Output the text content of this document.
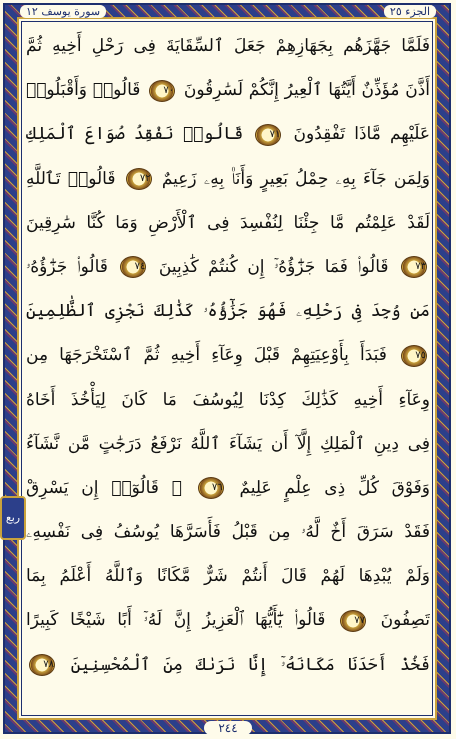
الجزء ٢٥
سورة يوسف ١٢
ربع
فَلَمَّا جَهَّزَهُم بِجَهَازِهِمْ جَعَلَ ٱلسِّقَايَةَ فِى رَحْلِ أَخِيهِ ثُمَّ
أَذَّنَ مُؤَذِّنٌ أَيَّتُهَا ٱلْعِيرُ إِنَّكُمْ لَسَٰرِقُونَ ٧٠ قَالُوا۟ وَأَقْبَلُوا۟
عَلَيْهِم مَّاذَا تَفْقِدُونَ ٧١ قَالُوا۟ نَفْقِدُ صُوَاعَ ٱلْمَلِكِ
وَلِمَن جَآءَ بِهِۦ حِمْلُ بَعِيرٍ وَأَنَا۠ بِهِۦ زَعِيمٌ ٧٢ قَالُوا۟ تَٱللَّهِ
لَقَدْ عَلِمْتُم مَّا جِئْنَا لِنُفْسِدَ فِى ٱلْأَرْضِ وَمَا كُنَّا سَٰرِقِينَ
٧٣ قَالُوا۟ فَمَا جَزَٰٓؤُهُۥٓ إِن كُنتُمْ كَٰذِبِينَ ٧٤ قَالُوا۟ جَزَٰٓؤُهُۥ
مَن وُجِدَ فِى رَحْلِهِۦ فَهُوَ جَزَٰٓؤُهُۥ كَذَٰلِكَ نَجْزِى ٱلظَّٰلِمِينَ
٧٥ فَبَدَأَ بِأَوْعِيَتِهِمْ قَبْلَ وِعَآءِ أَخِيهِ ثُمَّ ٱسْتَخْرَجَهَا مِن
وِعَآءِ أَخِيهِ كَذَٰلِكَ كِدْنَا لِيُوسُفَ مَا كَانَ لِيَأْخُذَ أَخَاهُ
فِى دِينِ ٱلْمَلِكِ إِلَّآ أَن يَشَآءَ ٱللَّهُ نَرْفَعُ دَرَجَٰتٍ مَّن نَّشَآءُ
وَفَوْقَ كُلِّ ذِى عِلْمٍ عَلِيمٌ ٧٦ ۞ قَالُوٓا۟ إِن يَسْرِقْ
فَقَدْ سَرَقَ أَخٌ لَّهُۥ مِن قَبْلُ فَأَسَرَّهَا يُوسُفُ فِى نَفْسِهِۦ
وَلَمْ يُبْدِهَا لَهُمْ قَالَ أَنتُمْ شَرٌّ مَّكَانًا وَٱللَّهُ أَعْلَمُ بِمَا
تَصِفُونَ ٧٧ قَالُوا۟ يَٰٓأَيُّهَا ٱلْعَزِيزُ إِنَّ لَهُۥٓ أَبًا شَيْخًا كَبِيرًا
فَخُذْ أَحَدَنَا مَكَانَهُۥٓ إِنَّا نَرَىٰكَ مِنَ ٱلْمُحْسِنِينَ ٧٨
٢٤٤
